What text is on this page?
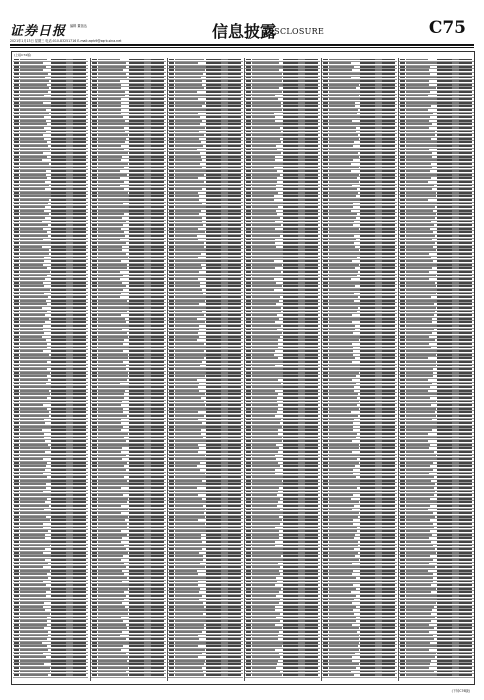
证券日报 编辑 董蓓达
2021年1月13日 星期三 电话:010-83251716 E-mail:zqrb9@zqrb.sina.net	信息披露
DISCLOSURE	C75
(上接C74版)
(下转C76版)
